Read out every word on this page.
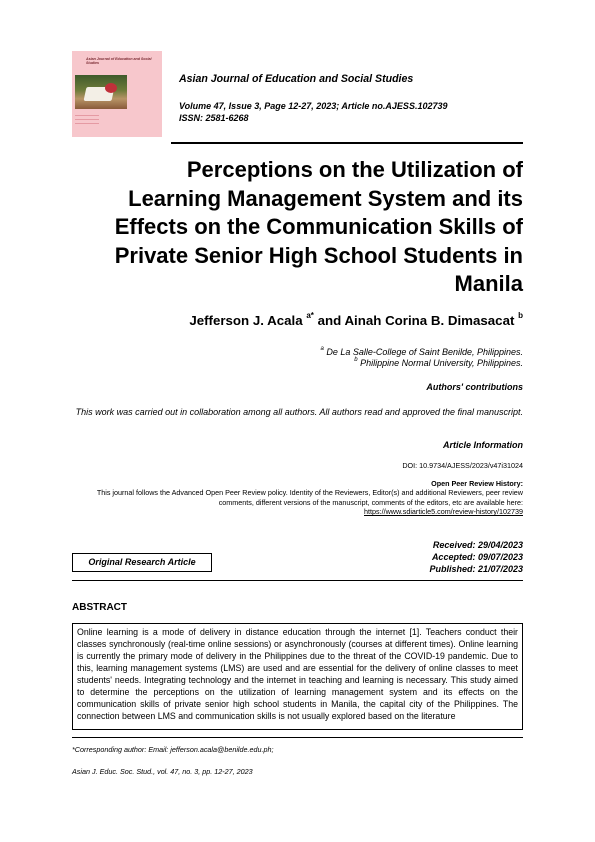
Asian Journal of Education and Social Studies
Asian Journal of Education and Social Studies
Volume 47, Issue 3, Page 12-27, 2023; Article no.AJESS.102739
ISSN: 2581-6268
Perceptions on the Utilization of
Learning Management System and its
Effects on the Communication Skills of
Private Senior High School Students in
Manila
Jefferson J. Acala $^{a*}$ and Ainah Corina B. Dimasacat $^b$
$^a$ De La Salle-College of Saint Benilde, Philippines.
$^b$ Philippine Normal University, Philippines.
Authors' contributions
This work was carried out in collaboration among all authors. All authors read and approved the final manuscript.
Article Information
DOI: 10.9734/AJESS/2023/v47i31024
Open Peer Review History:
This journal follows the Advanced Open Peer Review policy. Identity of the Reviewers, Editor(s) and additional Reviewers, peer review comments, different versions of the manuscript, comments of the editors, etc are available here:
https://www.sdiarticle5.com/review-history/102739
Original Research Article
Received: 29/04/2023
Accepted: 09/07/2023
Published: 21/07/2023
ABSTRACT
Online learning is a mode of delivery in distance education through the internet [1]. Teachers conduct their classes synchronously (real-time online sessions) or asynchronously (courses at different times). Online learning is currently the primary mode of delivery in the Philippines due to the threat of the COVID-19 pandemic. Due to this, learning management systems (LMS) are used and are essential for the delivery of online classes to meet students' needs. Integrating technology and the internet in teaching and learning is necessary. This study aimed to determine the perceptions on the utilization of learning management system and its effects on the communication skills of private senior high school students in Manila, the capital city of the Philippines. The connection between LMS and communication skills is not usually explored based on the literature
*Corresponding author: Email: jefferson.acala@benilde.edu.ph;
Asian J. Educ. Soc. Stud., vol. 47, no. 3, pp. 12-27, 2023
